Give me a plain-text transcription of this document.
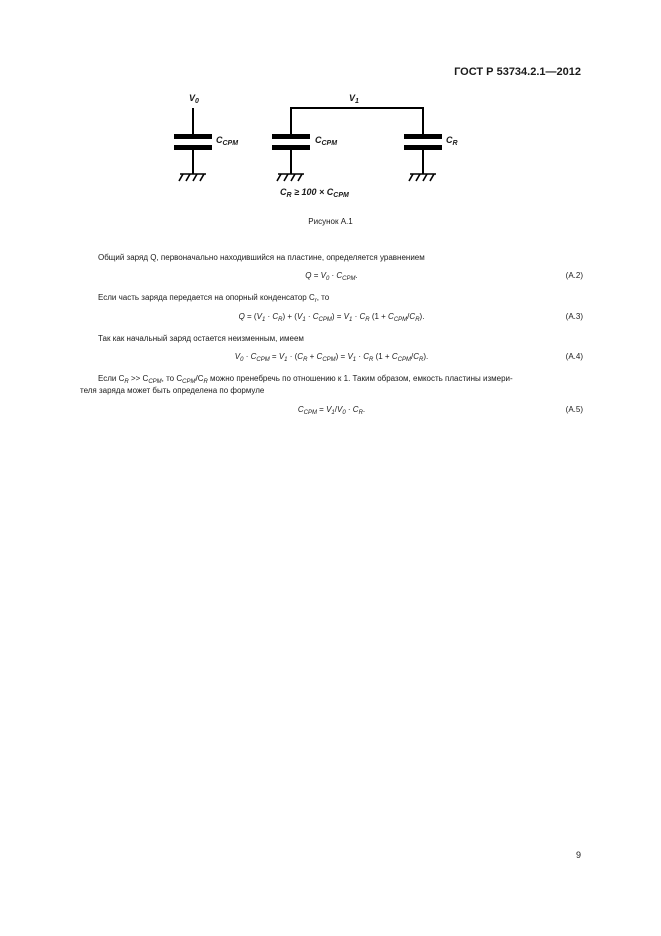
ГОСТ Р 53734.2.1—2012
$V_0$	$V_1$
$C_{CPM}$	$C_{CPM}$	$C_R$
$C_R \ge 100 \times C_{CPM}$
Рисунок А.1
Общий заряд Q, первоначально находившийся на пластине, определяется уравнением
$Q = V_0 \cdot C_{CPM}$.	(A.2)
Если часть заряда передается на опорный конденсатор $C_r$, то
$Q = (V_1 \cdot C_R) + (V_1 \cdot C_{CPM}) = V_1 \cdot C_R$ $(1 + C_{CPM}/C_R)$.	(A.3)
Так как начальный заряд остается неизменным, имеем
$V_0 \cdot C_{CPM} = V_1 \cdot (C_R + C_{CPM}) = V_1 \cdot C_R$ $(1 + C_{CPM}/C_R)$.	(A.4)
Если $C_R >> C_{CPM}$, то $C_{CPM}/C_R$ можно пренебречь по отношению к 1. Таким образом, емкость пластины измери-
теля заряда может быть определена по формуле
$C_{CPM} = V_1/V_0 \cdot C_R$.	(A.5)
9
